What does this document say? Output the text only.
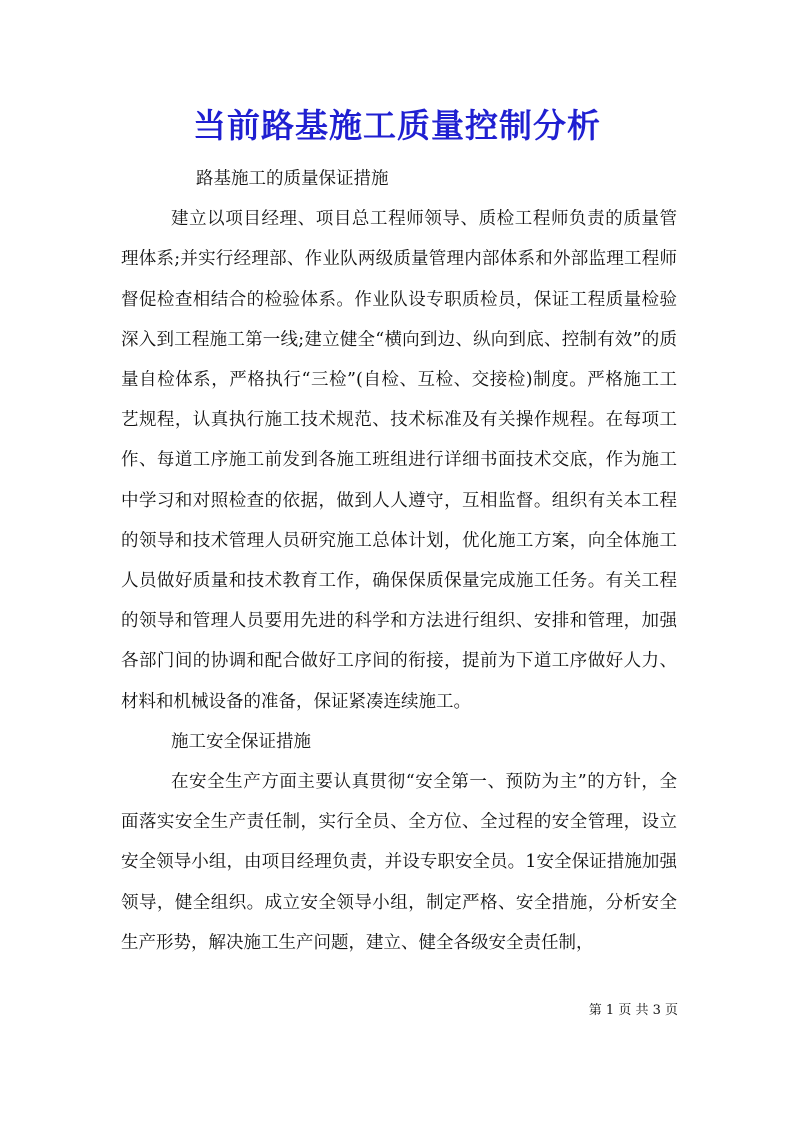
当前路基施工质量控制分析

路基施工的质量保证措施

建立以项目经理、项目总工程师领导、质检工程师负责的质量管理体系;并实行经理部、作业队两级质量管理内部体系和外部监理工程师督促检查相结合的检验体系。作业队设专职质检员，保证工程质量检验深入到工程施工第一线;建立健全“横向到边、纵向到底、控制有效”的质量自检体系，严格执行“三检”(自检、互检、交接检)制度。严格施工工艺规程，认真执行施工技术规范、技术标准及有关操作规程。在每项工作、每道工序施工前发到各施工班组进行详细书面技术交底，作为施工中学习和对照检查的依据，做到人人遵守，互相监督。组织有关本工程的领导和技术管理人员研究施工总体计划，优化施工方案，向全体施工人员做好质量和技术教育工作，确保保质保量完成施工任务。有关工程的领导和管理人员要用先进的科学和方法进行组织、安排和管理，加强各部门间的协调和配合做好工序间的衔接，提前为下道工序做好人力、材料和机械设备的准备，保证紧凑连续施工。

施工安全保证措施

在安全生产方面主要认真贯彻“安全第一、预防为主”的方针，全面落实安全生产责任制，实行全员、全方位、全过程的安全管理，设立安全领导小组，由项目经理负责，并设专职安全员。1安全保证措施加强领导，健全组织。成立安全领导小组，制定严格、安全措施，分析安全生产形势，解决施工生产问题，建立、健全各级安全责任制，

第 1 页 共 3 页
